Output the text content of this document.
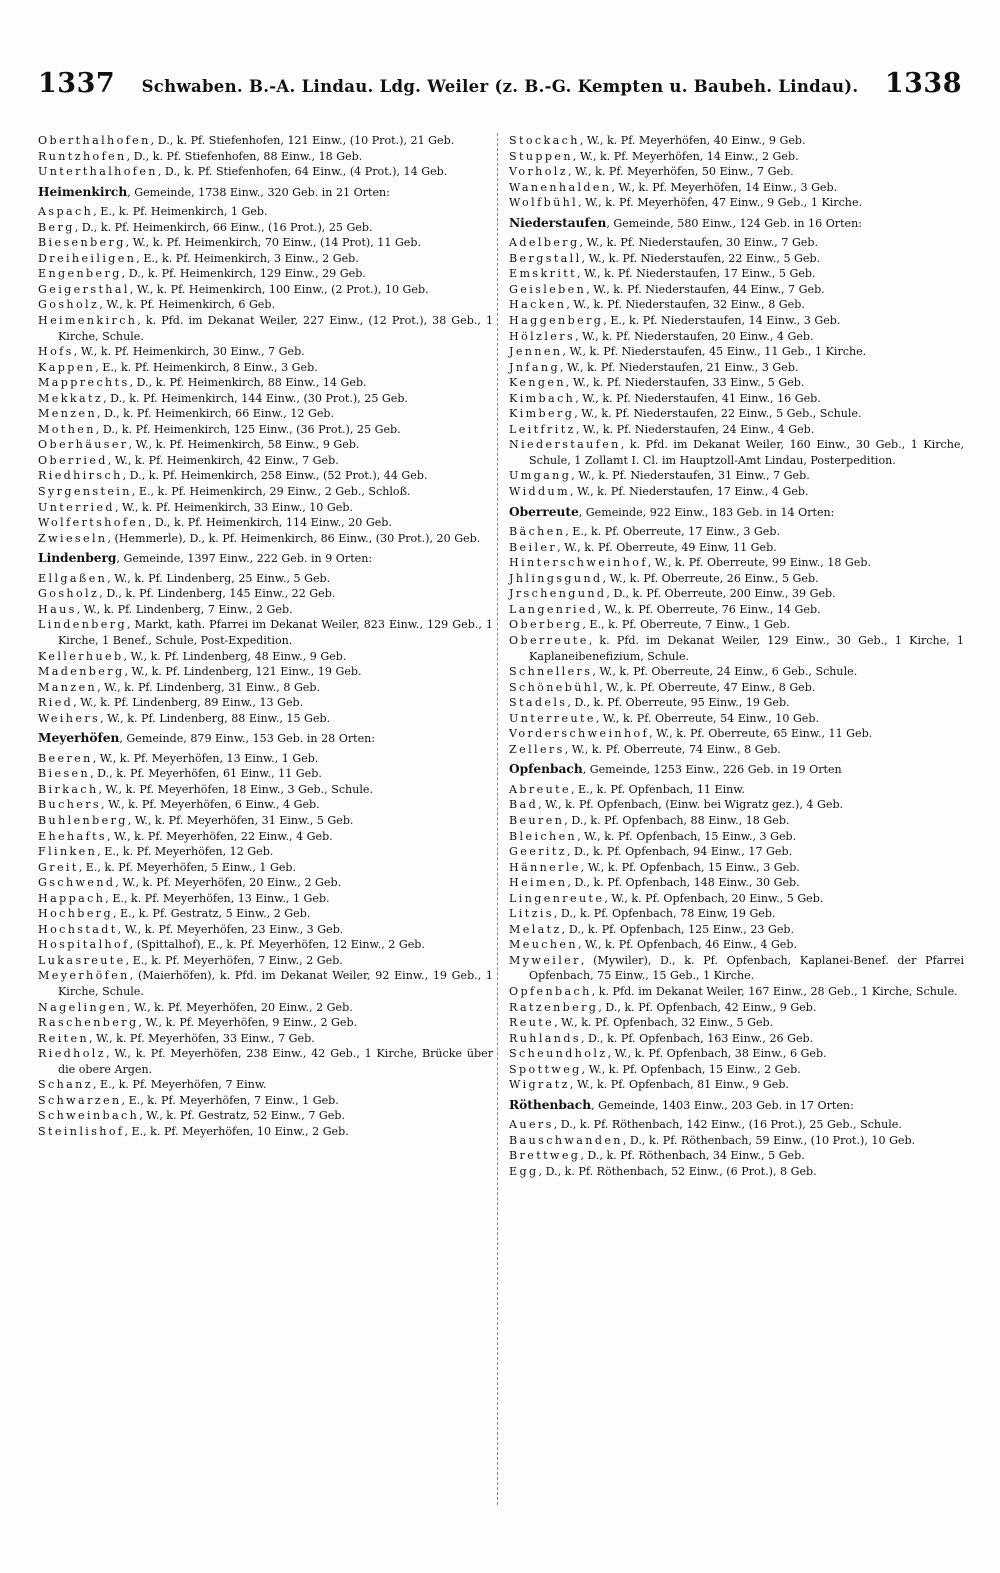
1337 Schwaben. B.-A. Lindau. Ldg. Weiler (z. B.-G. Kempten u. Baubeh. Lindau). 1338

Oberthalhofen, D., k. Pf. Stiefenhofen, 121 Einw., (10 Prot.), 21 Geb.

Runtzhofen, D., k. Pf. Stiefenhofen, 88 Einw., 18 Geb.

Unterthalhofen, D., k. Pf. Stiefenhofen, 64 Einw., (4 Prot.), 14 Geb.

Heimenkirch, Gemeinde, 1738 Einw., 320 Geb. in 21 Orten:

Aspach, E., k. Pf. Heimenkirch, 1 Geb.

Berg, D., k. Pf. Heimenkirch, 66 Einw., (16 Prot.), 25 Geb.

Biesenberg, W., k. Pf. Heimenkirch, 70 Einw., (14 Prot), 11 Geb.

Dreiheiligen, E., k. Pf. Heimenkirch, 3 Einw., 2 Geb.

Engenberg, D., k. Pf. Heimenkirch, 129 Einw., 29 Geb.

Geigersthal, W., k. Pf. Heimenkirch, 100 Einw., (2 Prot.), 10 Geb.

Gosholz, W., k. Pf. Heimenkirch, 6 Geb.

Heimenkirch, k. Pfd. im Dekanat Weiler, 227 Einw., (12 Prot.), 38 Geb., 1 Kirche, Schule.

Hofs, W., k. Pf. Heimenkirch, 30 Einw., 7 Geb.

Kappen, E., k. Pf. Heimenkirch, 8 Einw., 3 Geb.

Mapprechts, D., k. Pf. Heimenkirch, 88 Einw., 14 Geb.

Mekkatz, D., k. Pf. Heimenkirch, 144 Einw., (30 Prot.), 25 Geb.

Menzen, D., k. Pf. Heimenkirch, 66 Einw., 12 Geb.

Mothen, D., k. Pf. Heimenkirch, 125 Einw., (36 Prot.), 25 Geb.

Oberhäuser, W., k. Pf. Heimenkirch, 58 Einw., 9 Geb.

Oberried, W., k. Pf. Heimenkirch, 42 Einw., 7 Geb.

Riedhirsch, D., k. Pf. Heimenkirch, 258 Einw., (52 Prot.), 44 Geb.

Syrgenstein, E., k. Pf. Heimenkirch, 29 Einw., 2 Geb., Schloß.

Unterried, W., k. Pf. Heimenkirch, 33 Einw., 10 Geb.

Wolfertshofen, D., k. Pf. Heimenkirch, 114 Einw., 20 Geb.

Zwieseln, (Hemmerle), D., k. Pf. Heimenkirch, 86 Einw., (30 Prot.), 20 Geb.

Lindenberg, Gemeinde, 1397 Einw., 222 Geb. in 9 Orten:

Ellgaßen, W., k. Pf. Lindenberg, 25 Einw., 5 Geb.

Gosholz, D., k. Pf. Lindenberg, 145 Einw., 22 Geb.

Haus, W., k. Pf. Lindenberg, 7 Einw., 2 Geb.

Lindenberg, Markt, kath. Pfarrei im Dekanat Weiler, 823 Einw., 129 Geb., 1 Kirche, 1 Benef., Schule, Post-Expedition.

Kellerhueb, W., k. Pf. Lindenberg, 48 Einw., 9 Geb.

Madenberg, W., k. Pf. Lindenberg, 121 Einw., 19 Geb.

Manzen, W., k. Pf. Lindenberg, 31 Einw., 8 Geb.

Ried, W., k. Pf. Lindenberg, 89 Einw., 13 Geb.

Weihers, W., k. Pf. Lindenberg, 88 Einw., 15 Geb.

Meyerhöfen, Gemeinde, 879 Einw., 153 Geb. in 28 Orten:

Beeren, W., k. Pf. Meyerhöfen, 13 Einw., 1 Geb.

Biesen, D., k. Pf. Meyerhöfen, 61 Einw., 11 Geb.

Birkach, W., k. Pf. Meyerhöfen, 18 Einw., 3 Geb., Schule.

Buchers, W., k. Pf. Meyerhöfen, 6 Einw., 4 Geb.

Buhlenberg, W., k. Pf. Meyerhöfen, 31 Einw., 5 Geb.

Ehehafts, W., k. Pf. Meyerhöfen, 22 Einw., 4 Geb.

Flinken, E., k. Pf. Meyerhöfen, 12 Geb.

Greit, E., k. Pf. Meyerhöfen, 5 Einw., 1 Geb.

Gschwend, W., k. Pf. Meyerhöfen, 20 Einw., 2 Geb.

Happach, E., k. Pf. Meyerhöfen, 13 Einw., 1 Geb.

Hochberg, E., k. Pf. Gestratz, 5 Einw., 2 Geb.

Hochstadt, W., k. Pf. Meyerhöfen, 23 Einw., 3 Geb.

Hospitalhof, (Spittalhof), E., k. Pf. Meyerhöfen, 12 Einw., 2 Geb.

Lukasreute, E., k. Pf. Meyerhöfen, 7 Einw., 2 Geb.

Meyerhöfen, (Maierhöfen), k. Pfd. im Dekanat Weiler, 92 Einw., 19 Geb., 1 Kirche, Schule.

Nagelingen, W., k. Pf. Meyerhöfen, 20 Einw., 2 Geb.

Raschenberg, W., k. Pf. Meyerhöfen, 9 Einw., 2 Geb.

Reiten, W., k. Pf. Meyerhöfen, 33 Einw., 7 Geb.

Riedholz, W., k. Pf. Meyerhöfen, 238 Einw., 42 Geb., 1 Kirche, Brücke über die obere Argen.

Schanz, E., k. Pf. Meyerhöfen, 7 Einw.

Schwarzen, E., k. Pf. Meyerhöfen, 7 Einw., 1 Geb.

Schweinbach, W., k. Pf. Gestratz, 52 Einw., 7 Geb.

Steinlishof, E., k. Pf. Meyerhöfen, 10 Einw., 2 Geb.

Stockach, W., k. Pf. Meyerhöfen, 40 Einw., 9 Geb.

Stuppen, W., k. Pf. Meyerhöfen, 14 Einw., 2 Geb.

Vorholz, W., k. Pf. Meyerhöfen, 50 Einw., 7 Geb.

Wanenhalden, W., k. Pf. Meyerhöfen, 14 Einw., 3 Geb.

Wolfbühl, W., k. Pf. Meyerhöfen, 47 Einw., 9 Geb., 1 Kirche.

Niederstaufen, Gemeinde, 580 Einw., 124 Geb. in 16 Orten:

Adelberg, W., k. Pf. Niederstaufen, 30 Einw., 7 Geb.

Bergstall, W., k. Pf. Niederstaufen, 22 Einw., 5 Geb.

Emskritt, W., k. Pf. Niederstaufen, 17 Einw., 5 Geb.

Geisleben, W., k. Pf. Niederstaufen, 44 Einw., 7 Geb.

Hacken, W., k. Pf. Niederstaufen, 32 Einw., 8 Geb.

Haggenberg, E., k. Pf. Niederstaufen, 14 Einw., 3 Geb.

Hölzlers, W., k. Pf. Niederstaufen, 20 Einw., 4 Geb.

Jennen, W., k. Pf. Niederstaufen, 45 Einw., 11 Geb., 1 Kirche.

Jnfang, W., k. Pf. Niederstaufen, 21 Einw., 3 Geb.

Kengen, W., k. Pf. Niederstaufen, 33 Einw., 5 Geb.

Kimbach, W., k. Pf. Niederstaufen, 41 Einw., 16 Geb.

Kimberg, W., k. Pf. Niederstaufen, 22 Einw., 5 Geb., Schule.

Leitfritz, W., k. Pf. Niederstaufen, 24 Einw., 4 Geb.

Niederstaufen, k. Pfd. im Dekanat Weiler, 160 Einw., 30 Geb., 1 Kirche, Schule, 1 Zollamt I. Cl. im Hauptzoll-Amt Lindau, Posterpedition.

Umgang, W., k. Pf. Niederstaufen, 31 Einw., 7 Geb.

Widdum, W., k. Pf. Niederstaufen, 17 Einw., 4 Geb.

Oberreute, Gemeinde, 922 Einw., 183 Geb. in 14 Orten:

Bächen, E., k. Pf. Oberreute, 17 Einw., 3 Geb.

Beiler, W., k. Pf. Oberreute, 49 Einw, 11 Geb.

Hinterschweinhof, W., k. Pf. Oberreute, 99 Einw., 18 Geb.

Jhlingsgund, W., k. Pf. Oberreute, 26 Einw., 5 Geb.

Jrschengund, D., k. Pf. Oberreute, 200 Einw., 39 Geb.

Langenried, W., k. Pf. Oberreute, 76 Einw., 14 Geb.

Oberberg, E., k. Pf. Oberreute, 7 Einw., 1 Geb.

Oberreute, k. Pfd. im Dekanat Weiler, 129 Einw., 30 Geb., 1 Kirche, 1 Kaplaneibenefizium, Schule.

Schnellers, W., k. Pf. Oberreute, 24 Einw., 6 Geb., Schule.

Schönebühl, W., k. Pf. Oberreute, 47 Einw., 8 Geb.

Stadels, D., k. Pf. Oberreute, 95 Einw., 19 Geb.

Unterreute, W., k. Pf. Oberreute, 54 Einw., 10 Geb.

Vorderschweinhof, W., k. Pf. Oberreute, 65 Einw., 11 Geb.

Zellers, W., k. Pf. Oberreute, 74 Einw., 8 Geb.

Opfenbach, Gemeinde, 1253 Einw., 226 Geb. in 19 Orten

Abreute, E., k. Pf. Opfenbach, 11 Einw.

Bad, W., k. Pf. Opfenbach, (Einw. bei Wigratz gez.), 4 Geb.

Beuren, D., k. Pf. Opfenbach, 88 Einw., 18 Geb.

Bleichen, W., k. Pf. Opfenbach, 15 Einw., 3 Geb.

Geeritz, D., k. Pf. Opfenbach, 94 Einw., 17 Geb.

Hännerle, W., k. Pf. Opfenbach, 15 Einw., 3 Geb.

Heimen, D., k. Pf. Opfenbach, 148 Einw., 30 Geb.

Lingenreute, W., k. Pf. Opfenbach, 20 Einw., 5 Geb.

Litzis, D., k. Pf. Opfenbach, 78 Einw, 19 Geb.

Melatz, D., k. Pf. Opfenbach, 125 Einw., 23 Geb.

Meuchen, W., k. Pf. Opfenbach, 46 Einw., 4 Geb.

Myweiler, (Mywiler), D., k. Pf. Opfenbach, Kaplanei-Benef. der Pfarrei Opfenbach, 75 Einw., 15 Geb., 1 Kirche.

Opfenbach, k. Pfd. im Dekanat Weiler, 167 Einw., 28 Geb., 1 Kirche, Schule.

Ratzenberg, D., k. Pf. Opfenbach, 42 Einw., 9 Geb.

Reute, W., k. Pf. Opfenbach, 32 Einw., 5 Geb.

Ruhlands, D., k. Pf. Opfenbach, 163 Einw., 26 Geb.

Scheundholz, W., k. Pf. Opfenbach, 38 Einw., 6 Geb.

Spottweg, W., k. Pf. Opfenbach, 15 Einw., 2 Geb.

Wigratz, W., k. Pf. Opfenbach, 81 Einw., 9 Geb.

Röthenbach, Gemeinde, 1403 Einw., 203 Geb. in 17 Orten:

Auers, D., k. Pf. Röthenbach, 142 Einw., (16 Prot.), 25 Geb., Schule.

Bauschwanden, D., k. Pf. Röthenbach, 59 Einw., (10 Prot.), 10 Geb.

Brettweg, D., k. Pf. Röthenbach, 34 Einw., 5 Geb.

Egg, D., k. Pf. Röthenbach, 52 Einw., (6 Prot.), 8 Geb.
